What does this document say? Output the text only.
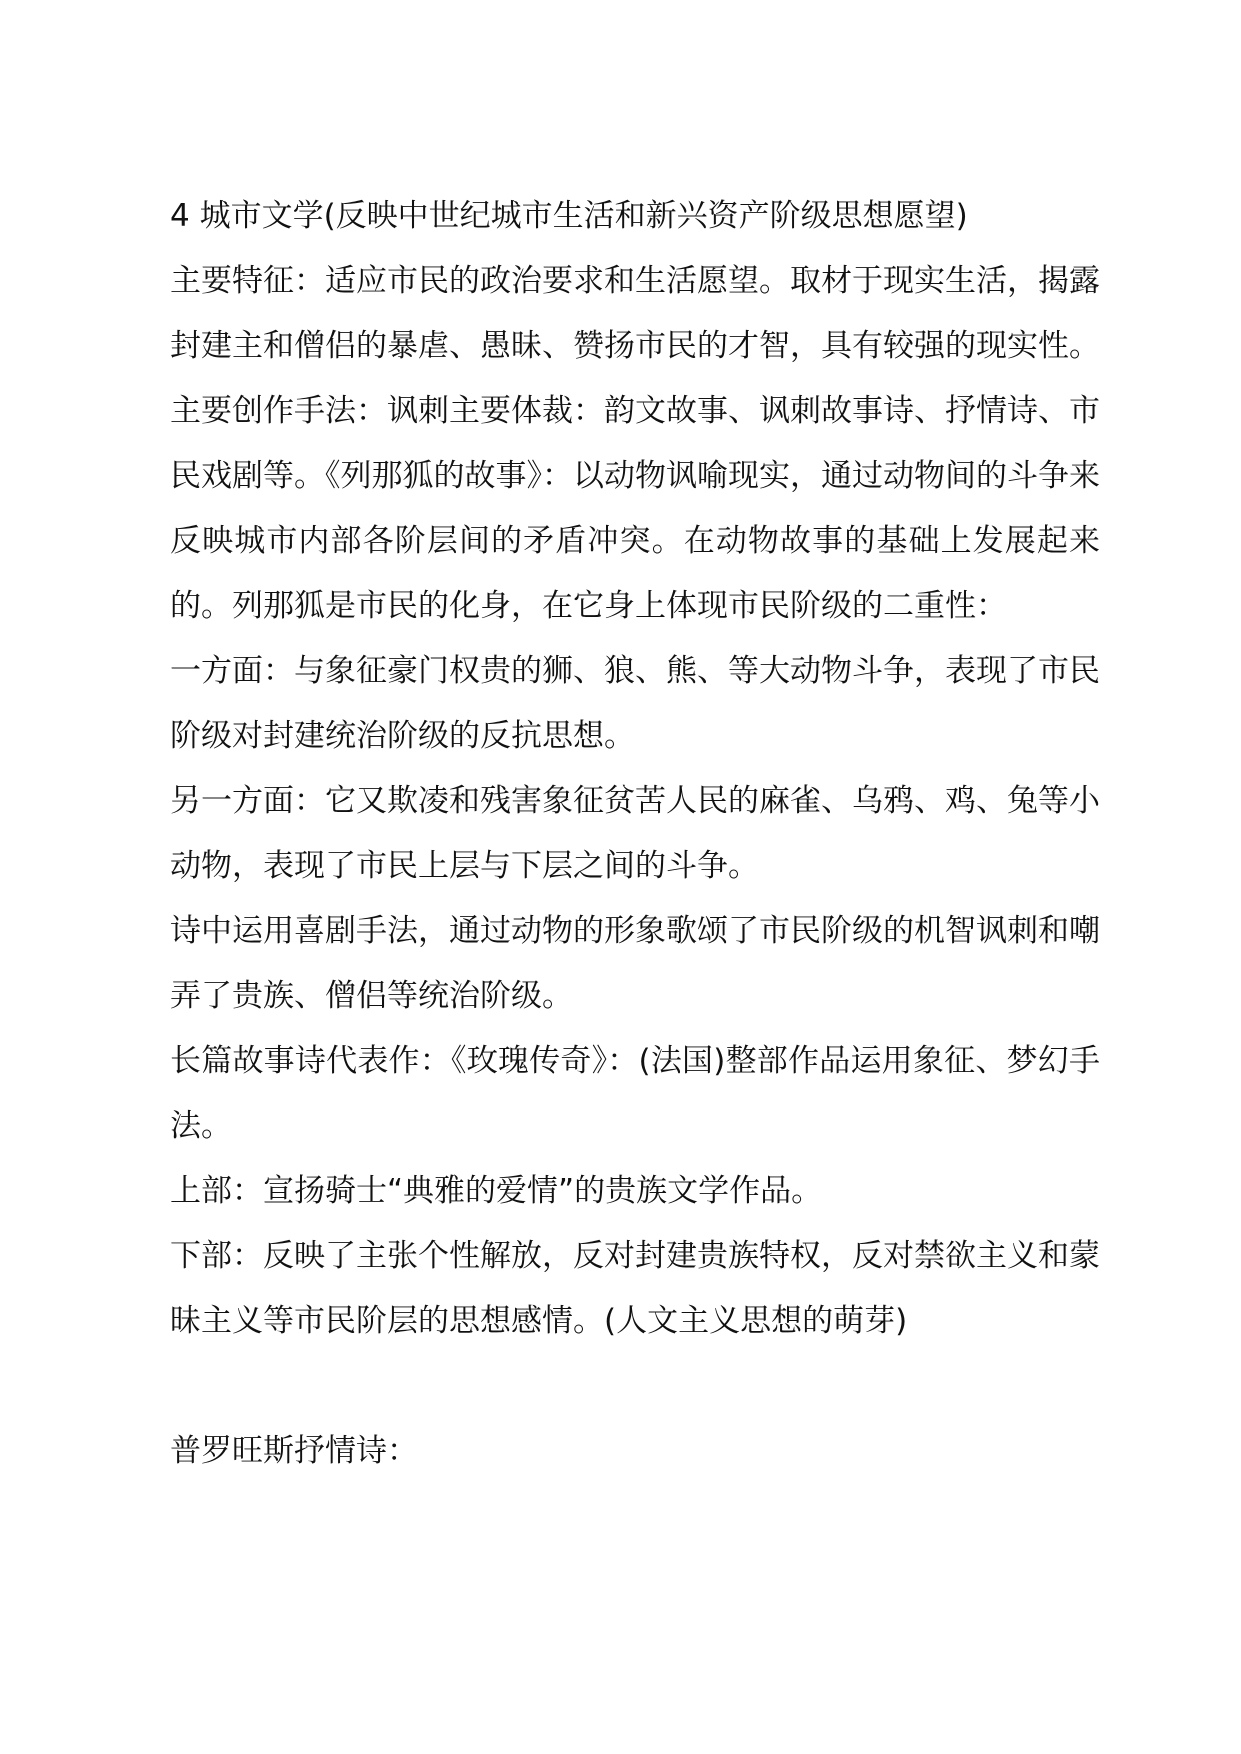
4 城市文学(反映中世纪城市生活和新兴资产阶级思想愿望)

主要特征：适应市民的政治要求和生活愿望。取材于现实生活，揭露封建主和僧侣的暴虐、愚昧、赞扬市民的才智，具有较强的现实性。主要创作手法：讽刺主要体裁：韵文故事、讽刺故事诗、抒情诗、市民戏剧等。《列那狐的故事》：以动物讽喻现实，通过动物间的斗争来反映城市内部各阶层间的矛盾冲突。在动物故事的基础上发展起来的。列那狐是市民的化身，在它身上体现市民阶级的二重性：

一方面：与象征豪门权贵的狮、狼、熊、等大动物斗争，表现了市民阶级对封建统治阶级的反抗思想。

另一方面：它又欺凌和残害象征贫苦人民的麻雀、乌鸦、鸡、兔等小动物，表现了市民上层与下层之间的斗争。

诗中运用喜剧手法，通过动物的形象歌颂了市民阶级的机智讽刺和嘲弄了贵族、僧侣等统治阶级。

长篇故事诗代表作：《玫瑰传奇》：(法国)整部作品运用象征、梦幻手法。

上部：宣扬骑士“典雅的爱情”的贵族文学作品。

下部：反映了主张个性解放，反对封建贵族特权，反对禁欲主义和蒙昧主义等市民阶层的思想感情。(人文主义思想的萌芽)

普罗旺斯抒情诗：
